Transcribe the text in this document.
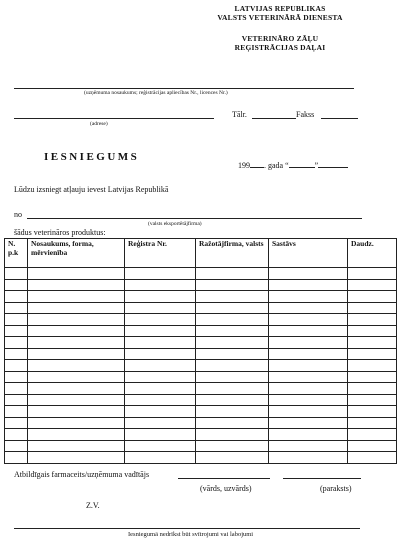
LATVIJAS REPUBLIKAS
VALSTS VETERINĀRĀ DIENESTA
VETERINĀRO ZĀĻU
REĢISTRĀCIJAS DAĻAI
(uzņēmuma nosaukums; reģistrācijas apliecības Nr., licences Nr.)
Tālr.	Fakss
(adrese)
IESNIEGUMS
199 . gada “	”
Lūdzu izsniegt atļauju ievest Latvijas Republikā
no
(valsts eksportētājfirma)
šādus veterināros produktus:
N. p.k	Nosaukums, forma, mērvienība	Reģistra Nr.	Ražotājfirma, valsts	Sastāvs	Daudz.

Atbildīgais farmaceits/uzņēmuma vadītājs
(vārds, uzvārds)	(paraksts)
Z.V.
Iesniegumā nedrīkst būt svītrojumi vai labojumi
